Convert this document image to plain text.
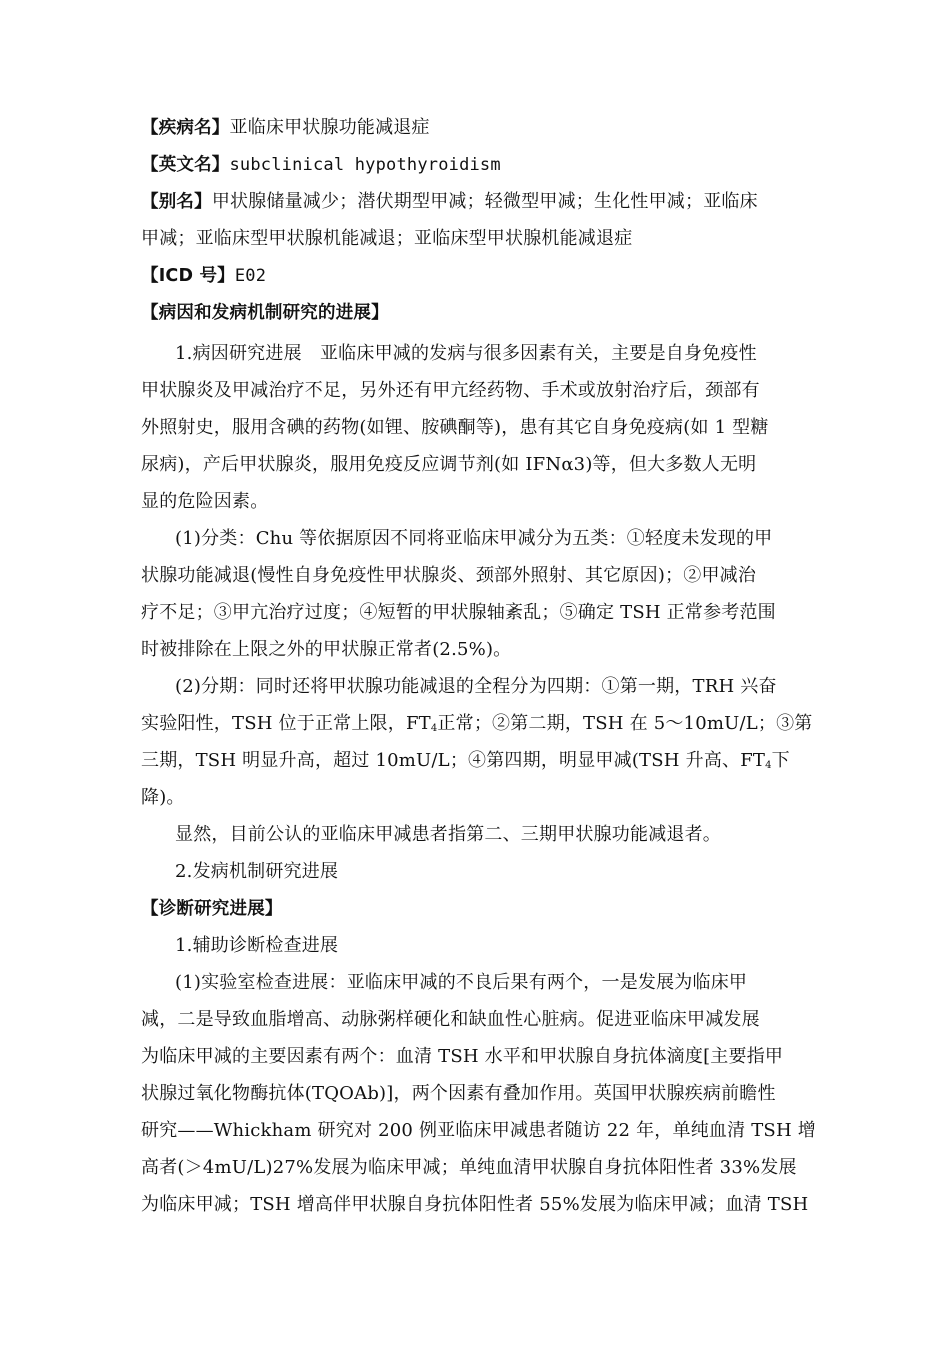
【疾病名】亚临床甲状腺功能减退症
【英文名】subclinical hypothyroidism
【别名】甲状腺储量减少；潜伏期型甲减；轻微型甲减；生化性甲减；亚临床
甲减；亚临床型甲状腺机能减退；亚临床型甲状腺机能减退症
【ICD 号】E02
【病因和发病机制研究的进展】
1.病因研究进展　亚临床甲减的发病与很多因素有关，主要是自身免疫性
甲状腺炎及甲减治疗不足，另外还有甲亢经药物、手术或放射治疗后，颈部有
外照射史，服用含碘的药物(如锂、胺碘酮等)，患有其它自身免疫病(如 1 型糖
尿病)，产后甲状腺炎，服用免疫反应调节剂(如 IFNα3)等，但大多数人无明
显的危险因素。
(1)分类：Chu 等依据原因不同将亚临床甲减分为五类：①轻度未发现的甲
状腺功能减退(慢性自身免疫性甲状腺炎、颈部外照射、其它原因)；②甲减治
疗不足；③甲亢治疗过度；④短暂的甲状腺轴紊乱；⑤确定 TSH 正常参考范围
时被排除在上限之外的甲状腺正常者(2.5%)。
(2)分期：同时还将甲状腺功能减退的全程分为四期：①第一期，TRH 兴奋
实验阳性，TSH 位于正常上限，$FT_4$正常；②第二期，TSH 在 5～10mU/L；③第
三期，TSH 明显升高，超过 10mU/L；④第四期，明显甲减(TSH 升高、$FT_4$下
降)。
显然，目前公认的亚临床甲减患者指第二、三期甲状腺功能减退者。
2.发病机制研究进展
【诊断研究进展】
1.辅助诊断检查进展
(1)实验室检查进展：亚临床甲减的不良后果有两个，一是发展为临床甲
减，二是导致血脂增高、动脉粥样硬化和缺血性心脏病。促进亚临床甲减发展
为临床甲减的主要因素有两个：血清 TSH 水平和甲状腺自身抗体滴度[主要指甲
状腺过氧化物酶抗体(TQOAb)]，两个因素有叠加作用。英国甲状腺疾病前瞻性
研究——Whickham 研究对 200 例亚临床甲减患者随访 22 年，单纯血清 TSH 增
高者(＞4mU/L)27%发展为临床甲减；单纯血清甲状腺自身抗体阳性者 33%发展
为临床甲减；TSH 增高伴甲状腺自身抗体阳性者 55%发展为临床甲减；血清 TSH
